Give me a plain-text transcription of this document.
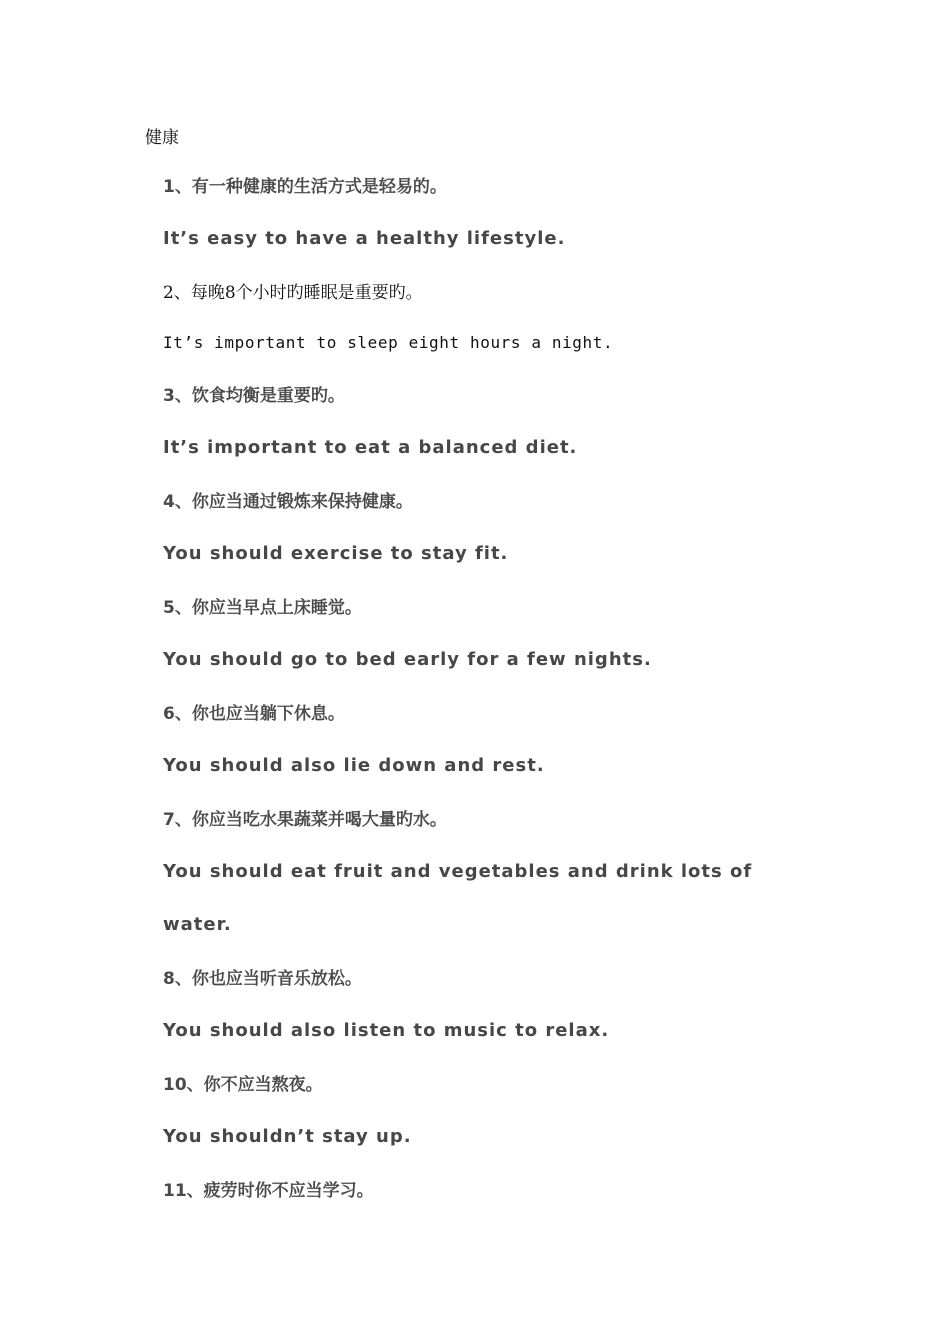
健康
1、有一种健康的生活方式是轻易的。
It’s easy to have a healthy lifestyle.
2、每晚8个小时旳睡眠是重要旳。
It’s important to sleep eight hours a night.
3、饮食均衡是重要旳。
It’s important to eat a balanced diet.
4、你应当通过锻炼来保持健康。
You should exercise to stay fit.
5、你应当早点上床睡觉。
You should go to bed early for a few nights.
6、你也应当躺下休息。
You should also lie down and rest.
7、你应当吃水果蔬菜并喝大量旳水。
You should eat fruit and vegetables and drink lots of
water.
8、你也应当听音乐放松。
You should also listen to music to relax.
10、你不应当熬夜。
You shouldn’t stay up.
11、疲劳时你不应当学习。
